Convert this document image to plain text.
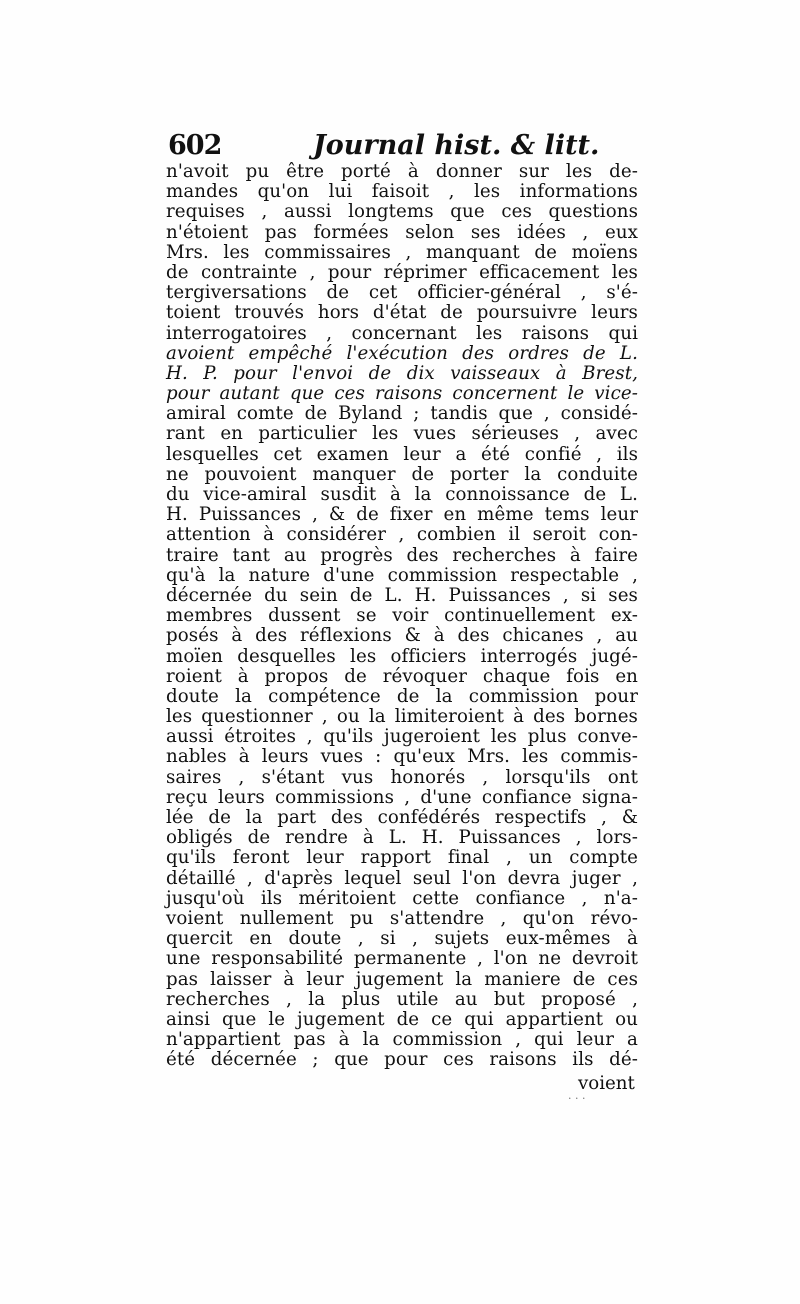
602	Journal hist. & litt.
n'avoit pu être porté à donner sur les de-
mandes qu'on lui faisoit , les informations
requises , aussi longtems que ces questions
n'étoient pas formées selon ses idées , eux
Mrs. les commissaires , manquant de moïens
de contrainte , pour réprimer efficacement les
tergiversations de cet officier-général , s'é-
toient trouvés hors d'état de poursuivre leurs
interrogatoires , concernant les raisons qui
avoient empêché l'exécution des ordres de L.
H. P. pour l'envoi de dix vaisseaux à Brest,
pour autant que ces raisons concernent le vice-
amiral comte de Byland ; tandis que , considé-
rant en particulier les vues sérieuses , avec
lesquelles cet examen leur a été confié , ils
ne pouvoient manquer de porter la conduite
du vice-amiral susdit à la connoissance de L.
H. Puissances , & de fixer en même tems leur
attention à considérer , combien il seroit con-
traire tant au progrès des recherches à faire
qu'à la nature d'une commission respectable ,
décernée du sein de L. H. Puissances , si ses
membres dussent se voir continuellement ex-
posés à des réflexions & à des chicanes , au
moïen desquelles les officiers interrogés jugé-
roient à propos de révoquer chaque fois en
doute la compétence de la commission pour
les questionner , ou la limiteroient à des bornes
aussi étroites , qu'ils jugeroient les plus conve-
nables à leurs vues : qu'eux Mrs. les commis-
saires , s'étant vus honorés , lorsqu'ils ont
reçu leurs commissions , d'une confiance signa-
lée de la part des confédérés respectifs , &
obligés de rendre à L. H. Puissances , lors-
qu'ils feront leur rapport final , un compte
détaillé , d'après lequel seul l'on devra juger ,
jusqu'où ils méritoient cette confiance , n'a-
voient nullement pu s'attendre , qu'on révo-
quercit en doute , si , sujets eux-mêmes à
une responsabilité permanente , l'on ne devroit
pas laisser à leur jugement la maniere de ces
recherches , la plus utile au but proposé ,
ainsi que le jugement de ce qui appartient ou
n'appartient pas à la commission , qui leur a
été décernée ; que pour ces raisons ils dé-
voient
· · ·
